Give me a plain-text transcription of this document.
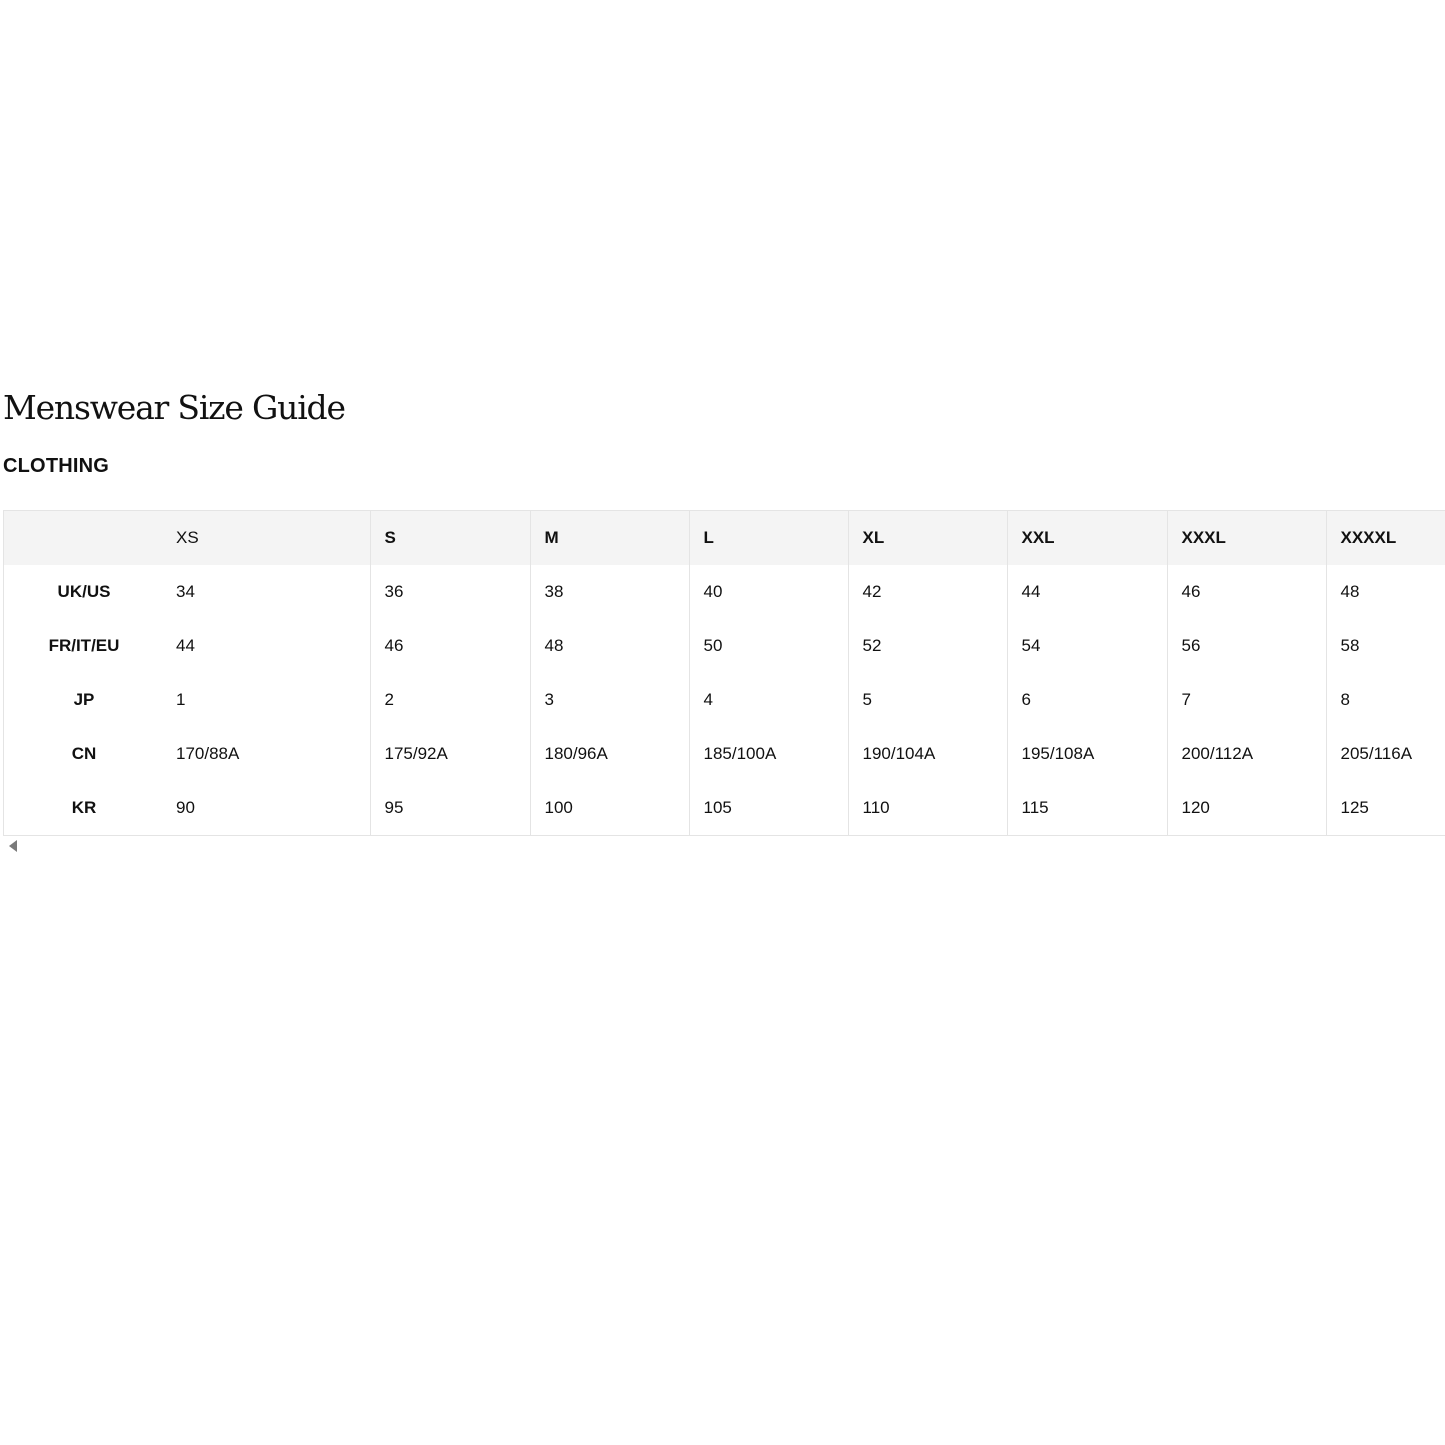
Menswear Size Guide
CLOTHING
	XS	S	M	L	XL	XXL	XXXL	XXXXL
UK/US	34	36	38	40	42	44	46	48
FR/IT/EU	44	46	48	50	52	54	56	58
JP	1	2	3	4	5	6	7	8
CN	170/88A	175/92A	180/96A	185/100A	190/104A	195/108A	200/112A	205/116A
KR	90	95	100	105	110	115	120	125
